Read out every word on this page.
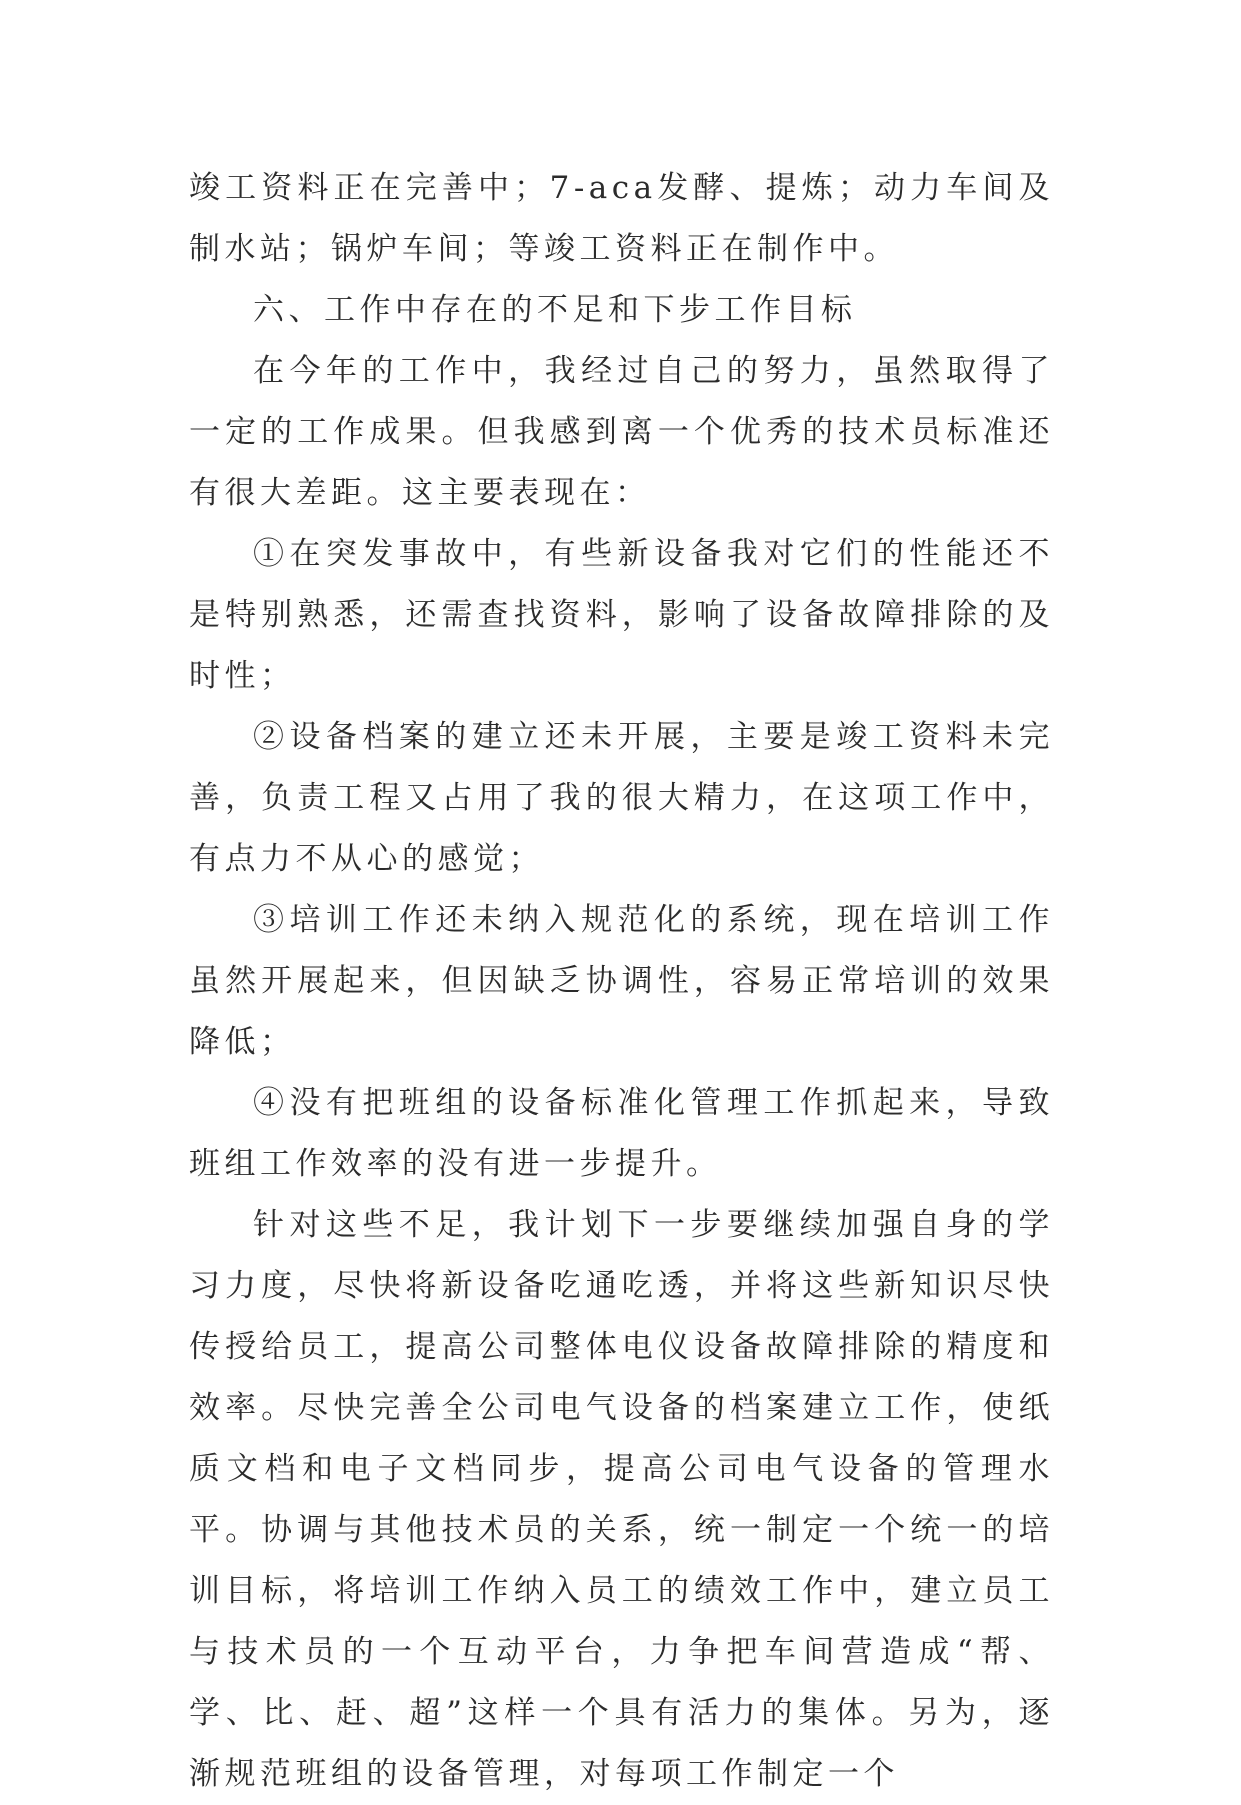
竣工资料正在完善中；7-aca发酵、提炼；动力车间及制水站；锅炉车间；等竣工资料正在制作中。

六、工作中存在的不足和下步工作目标

在今年的工作中，我经过自己的努力，虽然取得了一定的工作成果。但我感到离一个优秀的技术员标准还有很大差距。这主要表现在：

①在突发事故中，有些新设备我对它们的性能还不是特别熟悉，还需查找资料，影响了设备故障排除的及时性；

②设备档案的建立还未开展，主要是竣工资料未完善，负责工程又占用了我的很大精力，在这项工作中，有点力不从心的感觉；

③培训工作还未纳入规范化的系统，现在培训工作虽然开展起来，但因缺乏协调性，容易正常培训的效果降低；

④没有把班组的设备标准化管理工作抓起来，导致班组工作效率的没有进一步提升。

针对这些不足，我计划下一步要继续加强自身的学习力度，尽快将新设备吃通吃透，并将这些新知识尽快传授给员工，提高公司整体电仪设备故障排除的精度和效率。尽快完善全公司电气设备的档案建立工作，使纸质文档和电子文档同步，提高公司电气设备的管理水平。协调与其他技术员的关系，统一制定一个统一的培训目标，将培训工作纳入员工的绩效工作中，建立员工与技术员的一个互动平台，力争把车间营造成“帮、学、比、赶、超”这样一个具有活力的集体。另为，逐渐规范班组的设备管理，对每项工作制定一个
